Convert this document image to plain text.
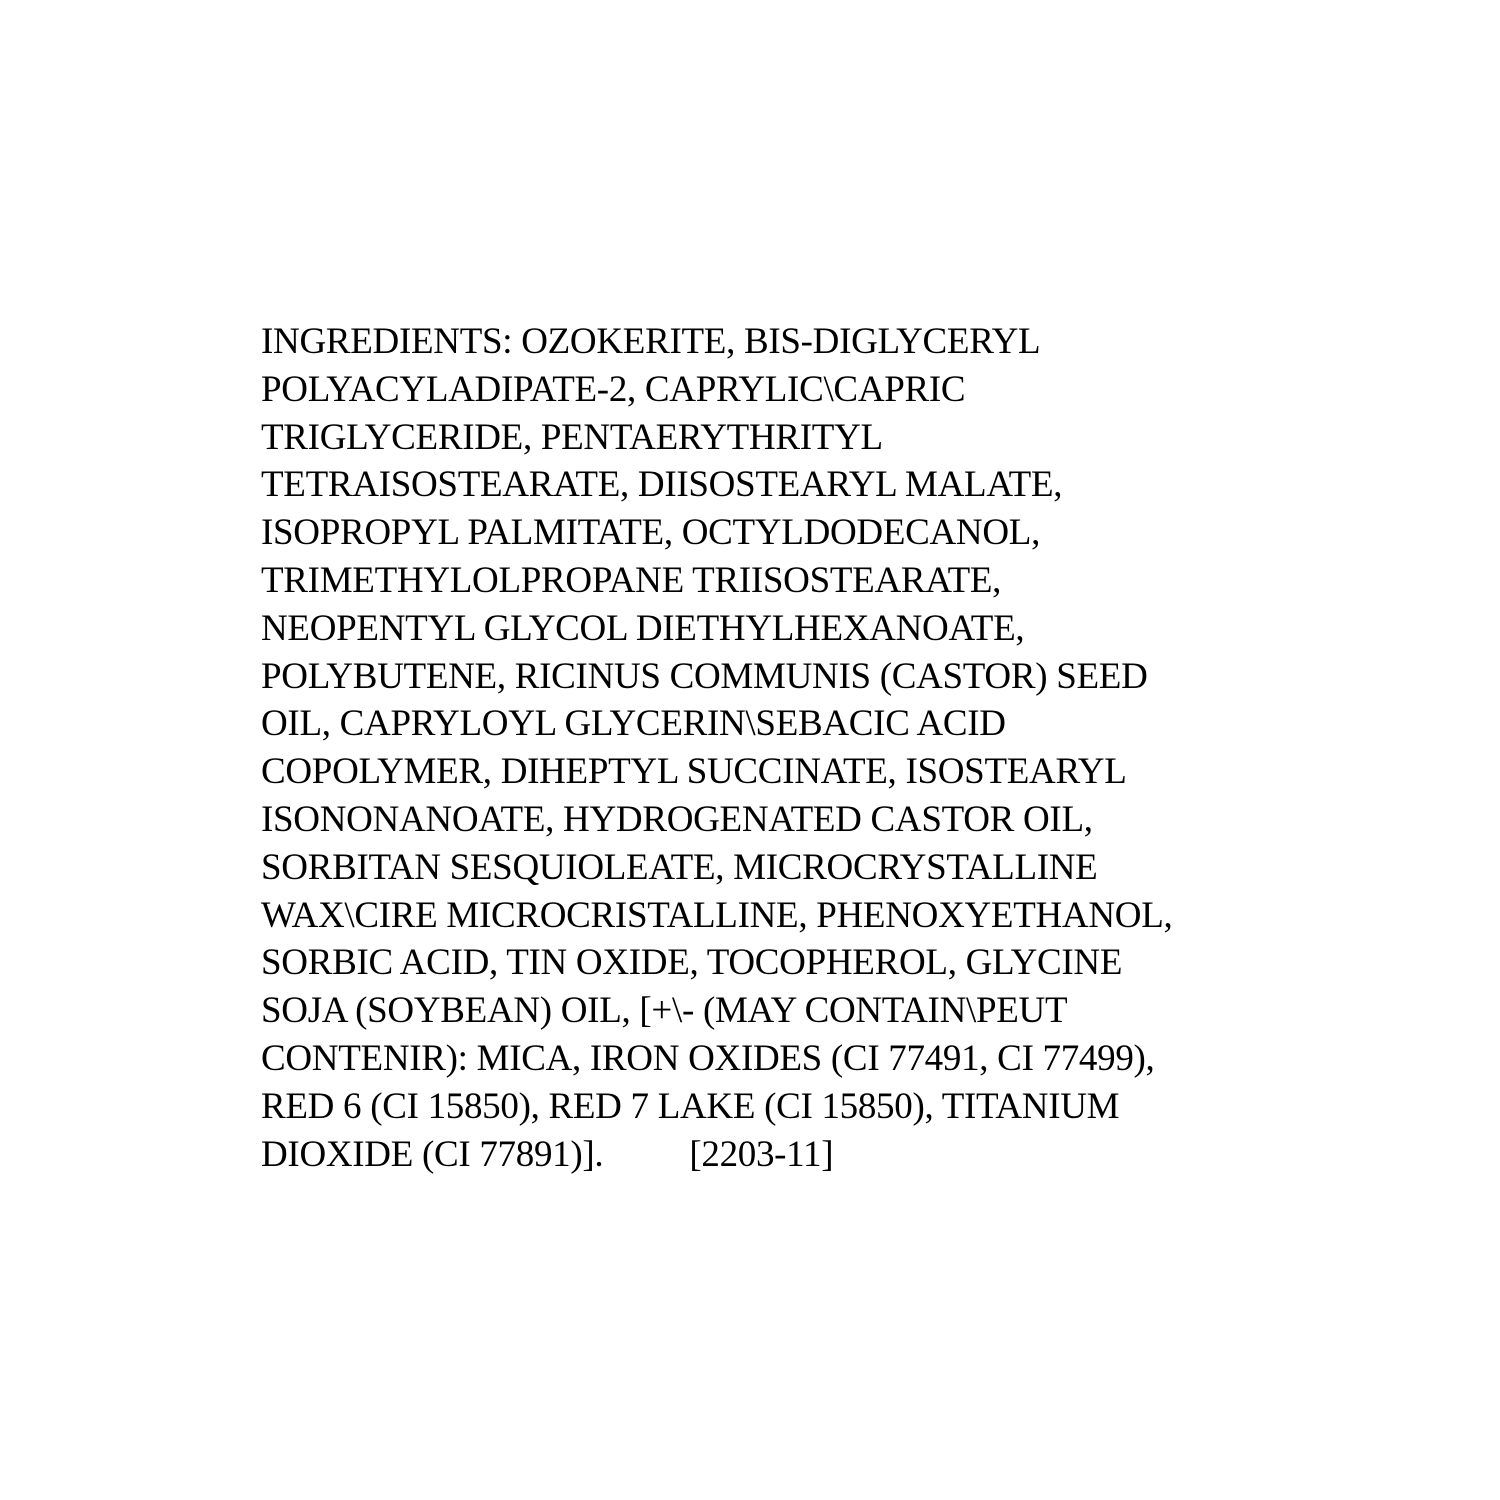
INGREDIENTS: OZOKERITE, BIS-DIGLYCERYL
POLYACYLADIPATE-2, CAPRYLIC\CAPRIC
TRIGLYCERIDE, PENTAERYTHRITYL
TETRAISOSTEARATE, DIISOSTEARYL MALATE,
ISOPROPYL PALMITATE, OCTYLDODECANOL,
TRIMETHYLOLPROPANE TRIISOSTEARATE,
NEOPENTYL GLYCOL DIETHYLHEXANOATE,
POLYBUTENE, RICINUS COMMUNIS (CASTOR) SEED
OIL, CAPRYLOYL GLYCERIN\SEBACIC ACID
COPOLYMER, DIHEPTYL SUCCINATE, ISOSTEARYL
ISONONANOATE, HYDROGENATED CASTOR OIL,
SORBITAN SESQUIOLEATE, MICROCRYSTALLINE
WAX\CIRE MICROCRISTALLINE, PHENOXYETHANOL,
SORBIC ACID, TIN OXIDE, TOCOPHEROL, GLYCINE
SOJA (SOYBEAN) OIL, [+\- (MAY CONTAIN\PEUT
CONTENIR): MICA, IRON OXIDES (CI 77491, CI 77499),
RED 6 (CI 15850), RED 7 LAKE (CI 15850), TITANIUM
DIOXIDE (CI 77891)]. [2203-11]
